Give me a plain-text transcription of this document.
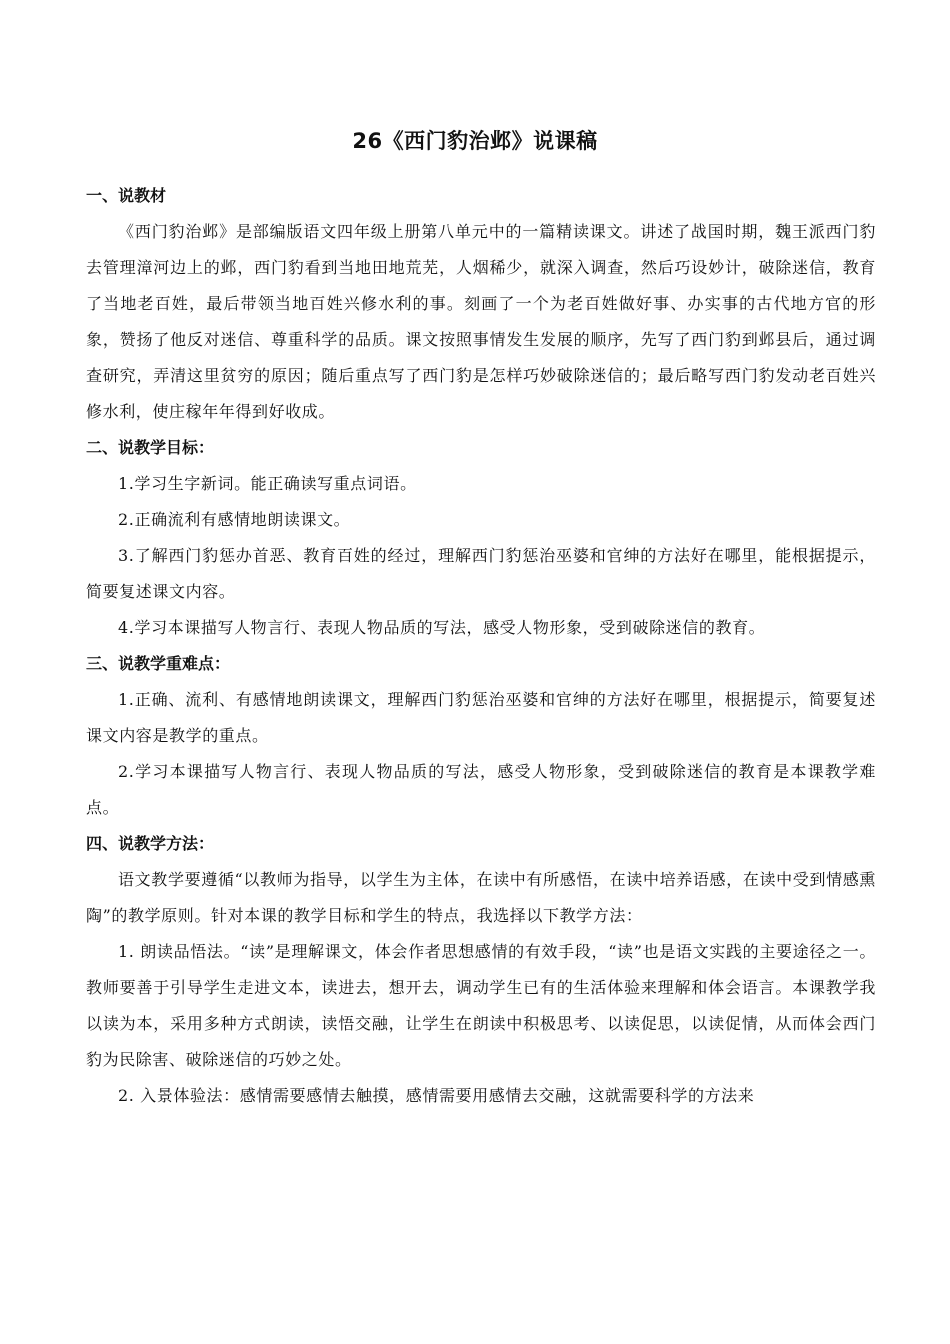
26《西门豹治邺》说课稿

一、说教材

《西门豹治邺》是部编版语文四年级上册第八单元中的一篇精读课文。讲述了战国时期，魏王派西门豹去管理漳河边上的邺，西门豹看到当地田地荒芜，人烟稀少，就深入调查，然后巧设妙计，破除迷信，教育了当地老百姓，最后带领当地百姓兴修水利的事。刻画了一个为老百姓做好事、办实事的古代地方官的形象，赞扬了他反对迷信、尊重科学的品质。课文按照事情发生发展的顺序，先写了西门豹到邺县后，通过调查研究，弄清这里贫穷的原因；随后重点写了西门豹是怎样巧妙破除迷信的；最后略写西门豹发动老百姓兴修水利，使庄稼年年得到好收成。

二、说教学目标：

1.学习生字新词。能正确读写重点词语。

2.正确流利有感情地朗读课文。

3.了解西门豹惩办首恶、教育百姓的经过，理解西门豹惩治巫婆和官绅的方法好在哪里，能根据提示，简要复述课文内容。

4.学习本课描写人物言行、表现人物品质的写法，感受人物形象，受到破除迷信的教育。

三、说教学重难点：

1.正确、流利、有感情地朗读课文，理解西门豹惩治巫婆和官绅的方法好在哪里，根据提示，简要复述课文内容是教学的重点。

2.学习本课描写人物言行、表现人物品质的写法，感受人物形象，受到破除迷信的教育是本课教学难点。

四、说教学方法：

语文教学要遵循“以教师为指导，以学生为主体，在读中有所感悟，在读中培养语感，在读中受到情感熏陶”的教学原则。针对本课的教学目标和学生的特点，我选择以下教学方法：

1. 朗读品悟法。“读”是理解课文，体会作者思想感情的有效手段，“读”也是语文实践的主要途径之一。教师要善于引导学生走进文本，读进去，想开去，调动学生已有的生活体验来理解和体会语言。本课教学我以读为本，采用多种方式朗读，读悟交融，让学生在朗读中积极思考、以读促思，以读促情，从而体会西门豹为民除害、破除迷信的巧妙之处。

2. 入景体验法：感情需要感情去触摸，感情需要用感情去交融，这就需要科学的方法来
